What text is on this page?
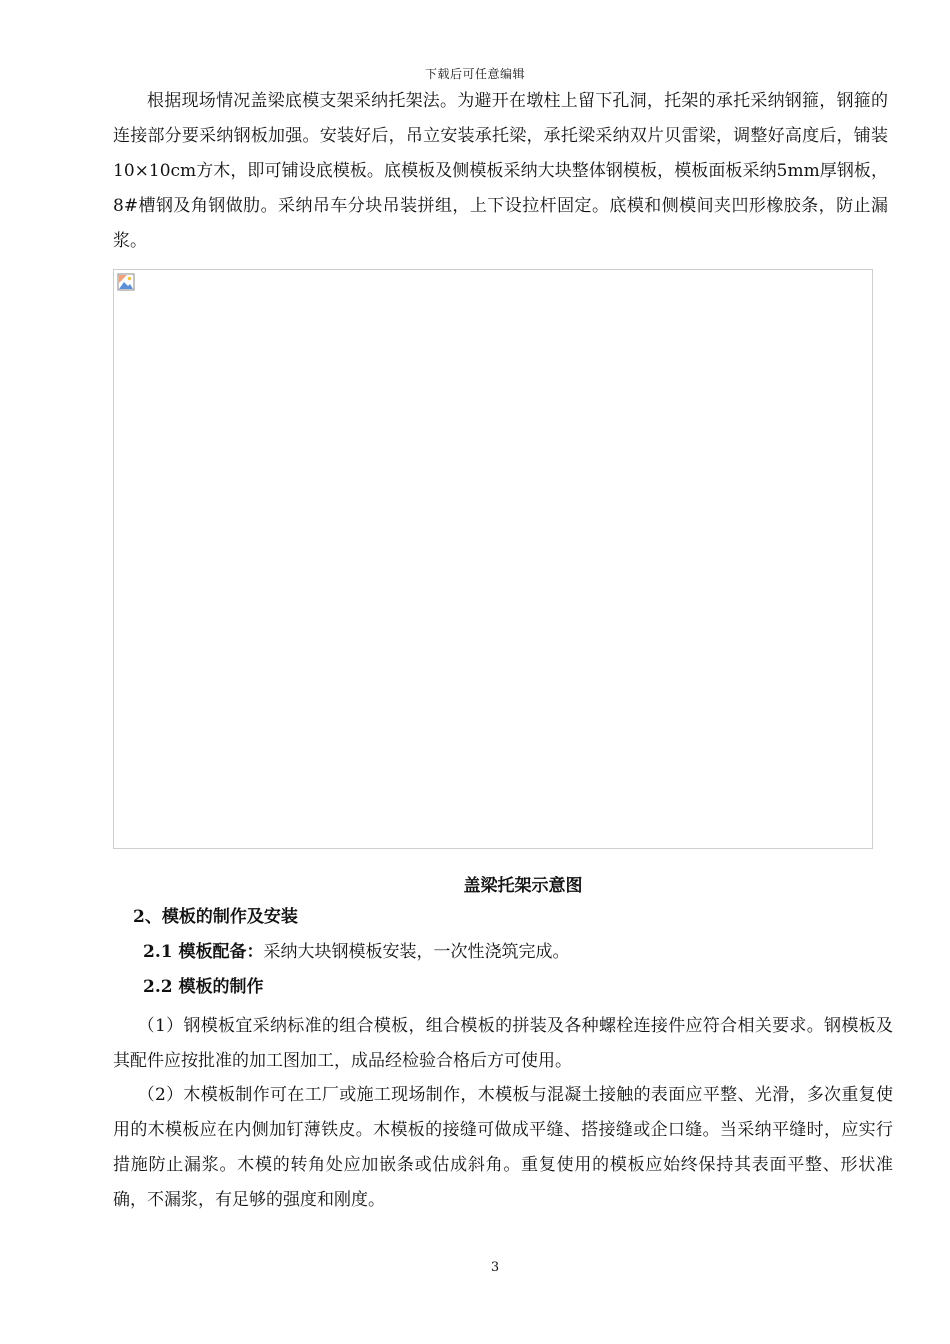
下载后可任意编辑

根据现场情况盖梁底模支架采纳托架法。为避开在墩柱上留下孔洞，托架的承托采纳钢箍，钢箍的连接部分要采纳钢板加强。安装好后，吊立安装承托梁，承托梁采纳双片贝雷梁，调整好高度后，铺装10×10cm方木，即可铺设底模板。底模板及侧模板采纳大块整体钢模板，模板面板采纳5mm厚钢板，8#槽钢及角钢做肋。采纳吊车分块吊装拼组，上下设拉杆固定。底模和侧模间夹凹形橡胶条，防止漏浆。

盖梁托架示意图

2、模板的制作及安装

2.1 模板配备：采纳大块钢模板安装，一次性浇筑完成。

2.2 模板的制作

（1）钢模板宜采纳标准的组合模板，组合模板的拼装及各种螺栓连接件应符合相关要求。钢模板及其配件应按批准的加工图加工，成品经检验合格后方可使用。

（2）木模板制作可在工厂或施工现场制作，木模板与混凝土接触的表面应平整、光滑，多次重复使用的木模板应在内侧加钉薄铁皮。木模板的接缝可做成平缝、搭接缝或企口缝。当采纳平缝时，应实行措施防止漏浆。木模的转角处应加嵌条或估成斜角。重复使用的模板应始终保持其表面平整、形状准确，不漏浆，有足够的强度和刚度。

3
